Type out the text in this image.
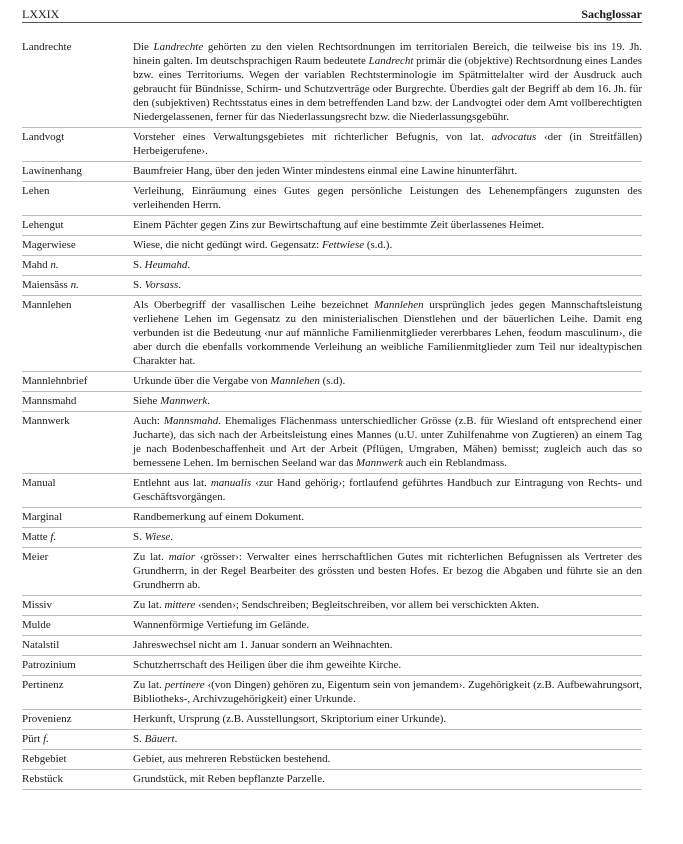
LXXIX	Sachglossar
Landrechte	Die Landrechte gehörten zu den vielen Rechtsordnungen im territorialen Bereich, die teilweise bis ins 19. Jh. hinein galten. Im deutschsprachigen Raum bedeutete Landrecht primär die (objektive) Rechtsordnung eines Landes bzw. eines Territoriums. Wegen der variablen Rechtsterminologie im Spätmittelalter wird der Ausdruck auch gebraucht für Bündnisse, Schirm- und Schutzverträge oder Burgrechte. Überdies galt der Begriff ab dem 16. Jh. für den (subjektiven) Rechtsstatus eines in dem betreffenden Land bzw. der Landvogtei oder dem Amt vollberechtigten Niedergelassenen, ferner für das Niederlassungsrecht bzw. die Niederlassungsgebühr.
Landvogt	Vorsteher eines Verwaltungsgebietes mit richterlicher Befugnis, von lat. advocatus ‹der (in Streitfällen) Herbeigerufene›.
Lawinenhang	Baumfreier Hang, über den jeden Winter mindestens einmal eine Lawine hinunterfährt.
Lehen	Verleihung, Einräumung eines Gutes gegen persönliche Leistungen des Lehenempfängers zugunsten des verleihenden Herrn.
Lehengut	Einem Pächter gegen Zins zur Bewirtschaftung auf eine bestimmte Zeit überlassenes Heimet.
Magerwiese	Wiese, die nicht gedüngt wird. Gegensatz: Fettwiese (s.d.).
Mahd n.	S. Heumahd.
Maiensäss n.	S. Vorsass.
Mannlehen	Als Oberbegriff der vasallischen Leihe bezeichnet Mannlehen ursprünglich jedes gegen Mannschaftsleistung verliehene Lehen im Gegensatz zu den ministerialischen Dienstlehen und der bäuerlichen Leihe. Damit eng verbunden ist die Bedeutung ‹nur auf männliche Familienmitglieder vererbbares Lehen, feodum masculinum›, die aber durch die ebenfalls vorkommende Verleihung an weibliche Familienmitglieder zum Teil nur idealtypischen Charakter hat.
Mannlehnbrief	Urkunde über die Vergabe von Mannlehen (s.d).
Mannsmahd	Siehe Mannwerk.
Mannwerk	Auch: Mannsmahd. Ehemaliges Flächenmass unterschiedlicher Grösse (z.B. für Wiesland oft entsprechend einer Jucharte), das sich nach der Arbeitsleistung eines Mannes (u.U. unter Zuhilfenahme von Zugtieren) an einem Tag je nach Bodenbeschaffenheit und Art der Arbeit (Pflügen, Umgraben, Mähen) bemisst; zugleich auch das so bemessene Lehen. Im bernischen Seeland war das Mannwerk auch ein Reblandmass.
Manual	Entlehnt aus lat. manualis ‹zur Hand gehörig›; fortlaufend geführtes Handbuch zur Eintragung von Rechts- und Geschäftsvorgängen.
Marginal	Randbemerkung auf einem Dokument.
Matte f.	S. Wiese.
Meier	Zu lat. maior ‹grösser›: Verwalter eines herrschaftlichen Gutes mit richterlichen Befugnissen als Vertreter des Grundherrn, in der Regel Bearbeiter des grössten und besten Hofes. Er bezog die Abgaben und führte sie an den Grundherrn ab.
Missiv	Zu lat. mittere ‹senden›; Sendschreiben; Begleitschreiben, vor allem bei verschickten Akten.
Mulde	Wannenförmige Vertiefung im Gelände.
Natalstil	Jahreswechsel nicht am 1. Januar sondern an Weihnachten.
Patrozinium	Schutzherrschaft des Heiligen über die ihm geweihte Kirche.
Pertinenz	Zu lat. pertinere ‹(von Dingen) gehören zu, Eigentum sein von jemandem›. Zugehörigkeit (z.B. Aufbewahrungsort, Bibliotheks-, Archivzugehörigkeit) einer Urkunde.
Provenienz	Herkunft, Ursprung (z.B. Ausstellungsort, Skriptorium einer Urkunde).
Pürt f.	S. Bäuert.
Rebgebiet	Gebiet, aus mehreren Rebstücken bestehend.
Rebstück	Grundstück, mit Reben bepflanzte Parzelle.
